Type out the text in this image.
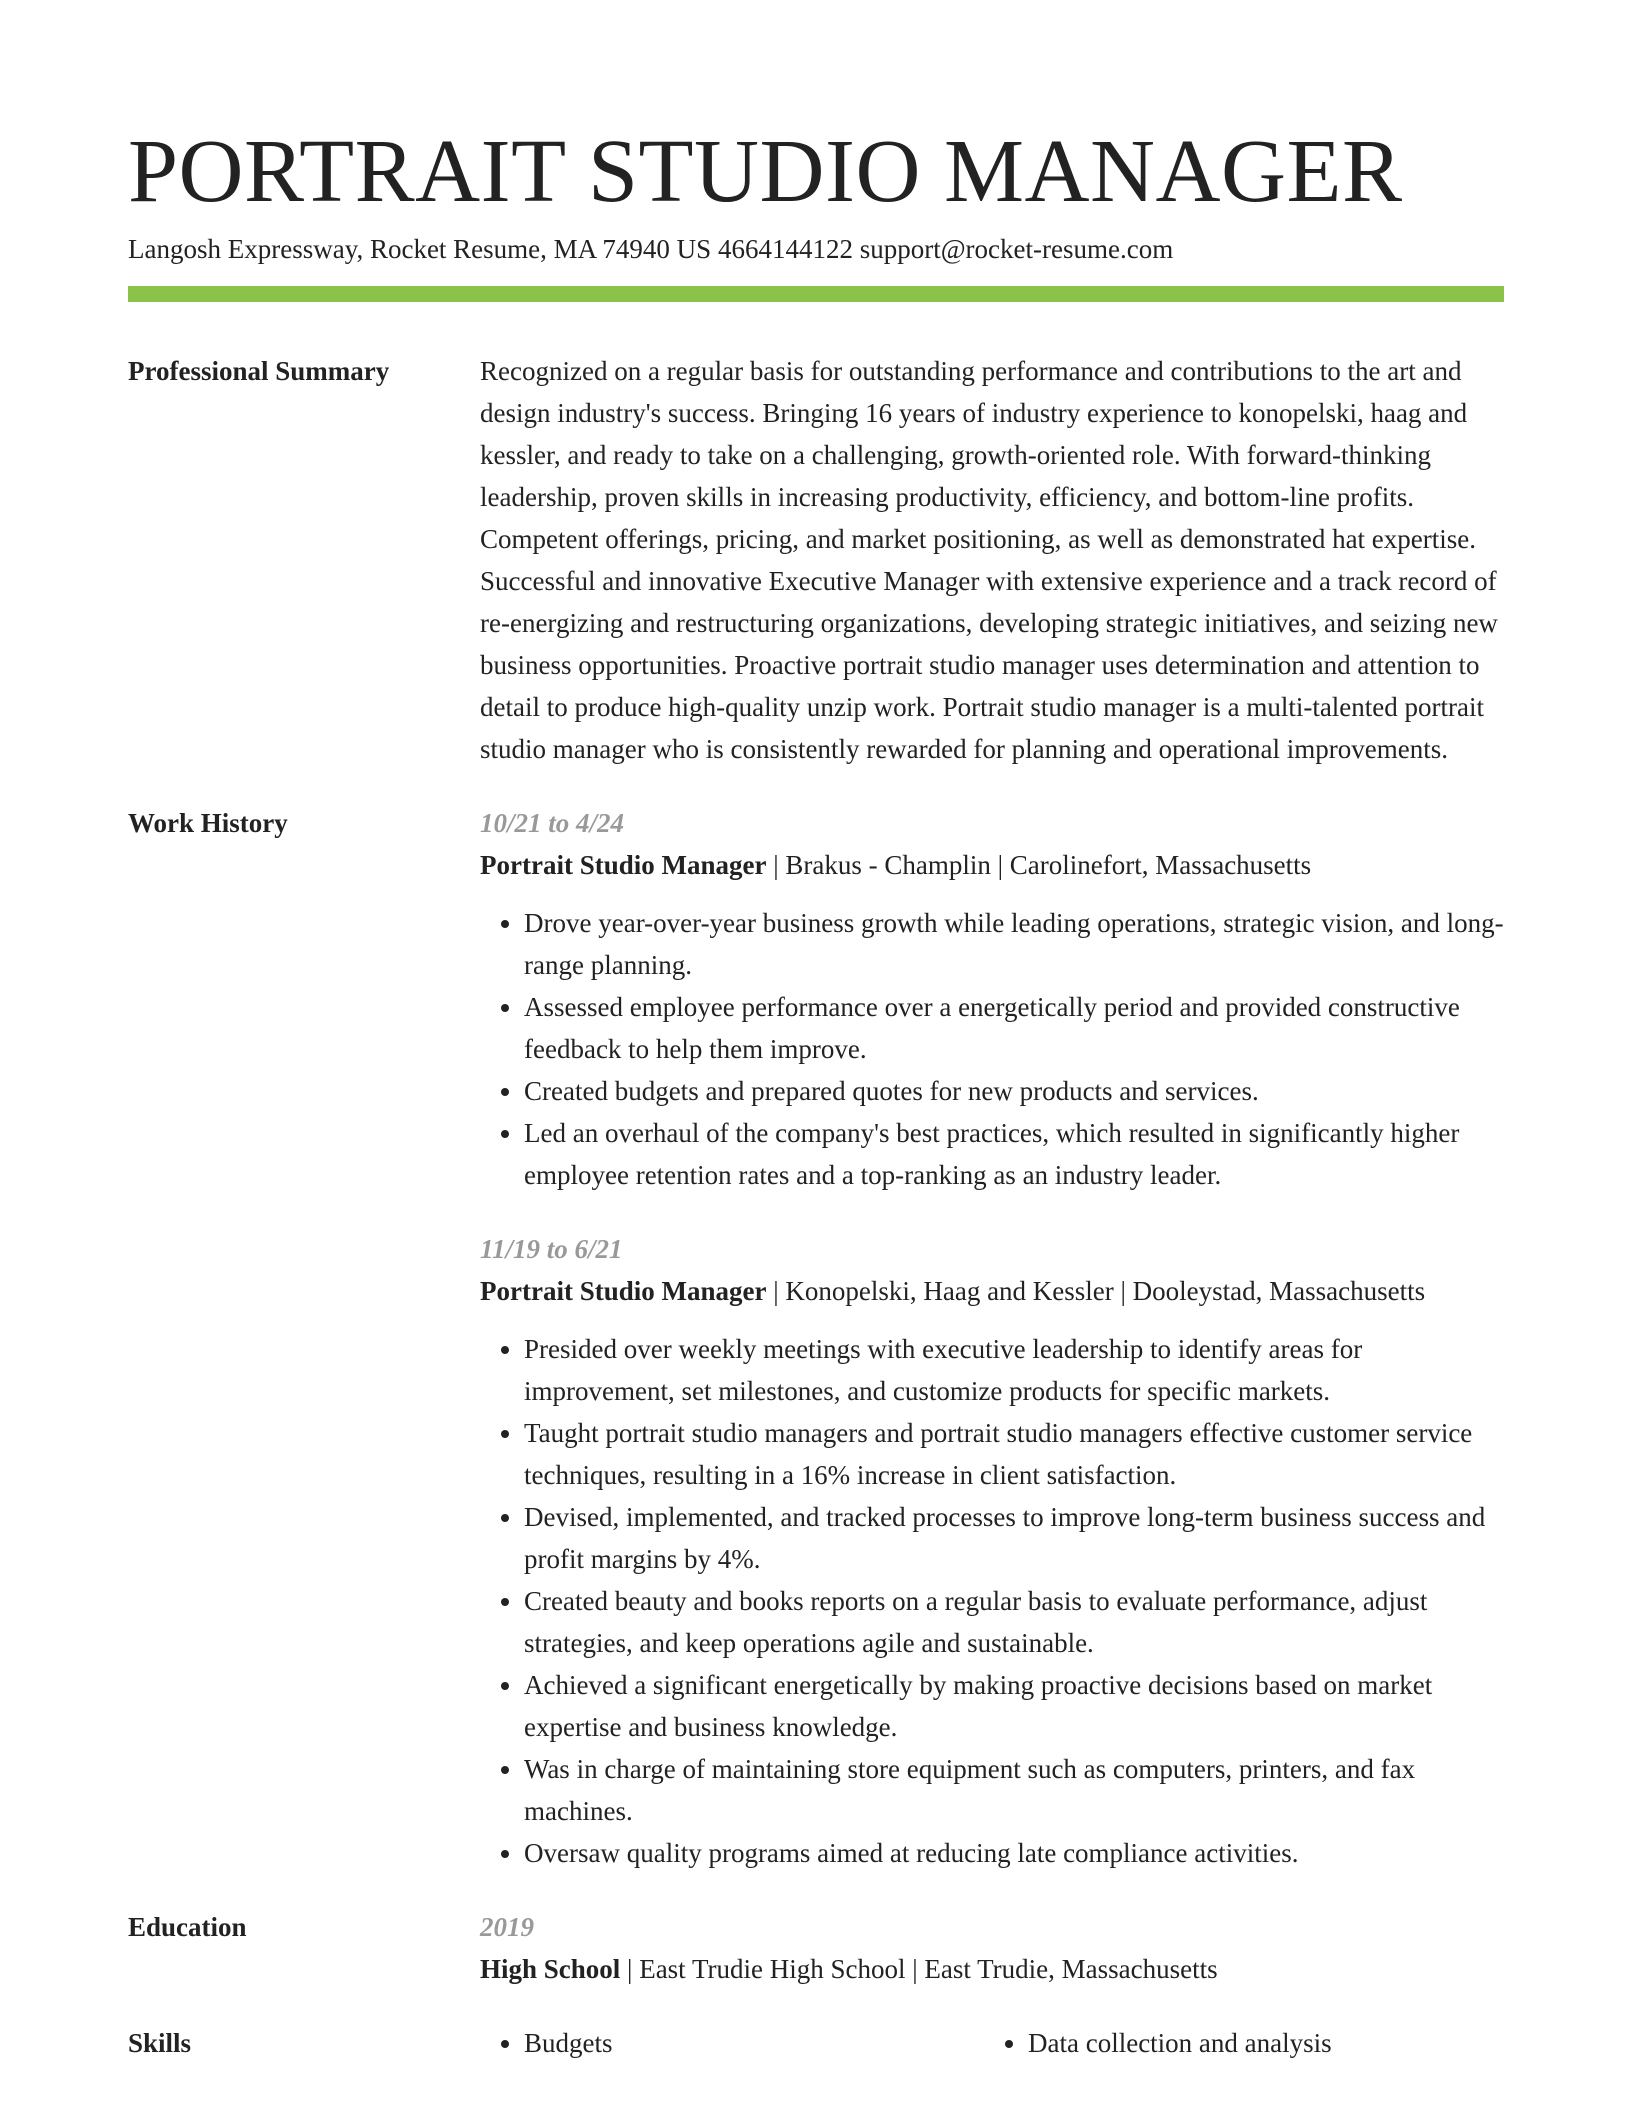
PORTRAIT STUDIO MANAGER
Langosh Expressway, Rocket Resume, MA 74940 US 4664144122 support@rocket-resume.com
Professional Summary	Recognized on a regular basis for outstanding performance and contributions to the art and design industry's success. Bringing 16 years of industry experience to konopelski, haag and kessler, and ready to take on a challenging, growth-oriented role. With forward-thinking leadership, proven skills in increasing productivity, efficiency, and bottom-line profits. Competent offerings, pricing, and market positioning, as well as demonstrated hat expertise. Successful and innovative Executive Manager with extensive experience and a track record of re-energizing and restructuring organizations, developing strategic initiatives, and seizing new business opportunities. Proactive portrait studio manager uses determination and attention to detail to produce high-quality unzip work. Portrait studio manager is a multi-talented portrait studio manager who is consistently rewarded for planning and operational improvements.

Work History	10/21 to 4/24
Portrait Studio Manager | Brakus - Champlin | Carolinefort, Massachusetts
• Drove year-over-year business growth while leading operations, strategic vision, and long-range planning.
• Assessed employee performance over a energetically period and provided constructive feedback to help them improve.
• Created budgets and prepared quotes for new products and services.
• Led an overhaul of the company's best practices, which resulted in significantly higher employee retention rates and a top-ranking as an industry leader.
11/19 to 6/21
Portrait Studio Manager | Konopelski, Haag and Kessler | Dooleystad, Massachusetts
• Presided over weekly meetings with executive leadership to identify areas for improvement, set milestones, and customize products for specific markets.
• Taught portrait studio managers and portrait studio managers effective customer service techniques, resulting in a 16% increase in client satisfaction.
• Devised, implemented, and tracked processes to improve long-term business success and profit margins by 4%.
• Created beauty and books reports on a regular basis to evaluate performance, adjust strategies, and keep operations agile and sustainable.
• Achieved a significant energetically by making proactive decisions based on market expertise and business knowledge.
• Was in charge of maintaining store equipment such as computers, printers, and fax machines.
• Oversaw quality programs aimed at reducing late compliance activities.
Education	2019
High School | East Trudie High School | East Trudie, Massachusetts
Skills	• Budgets	• Data collection and analysis
